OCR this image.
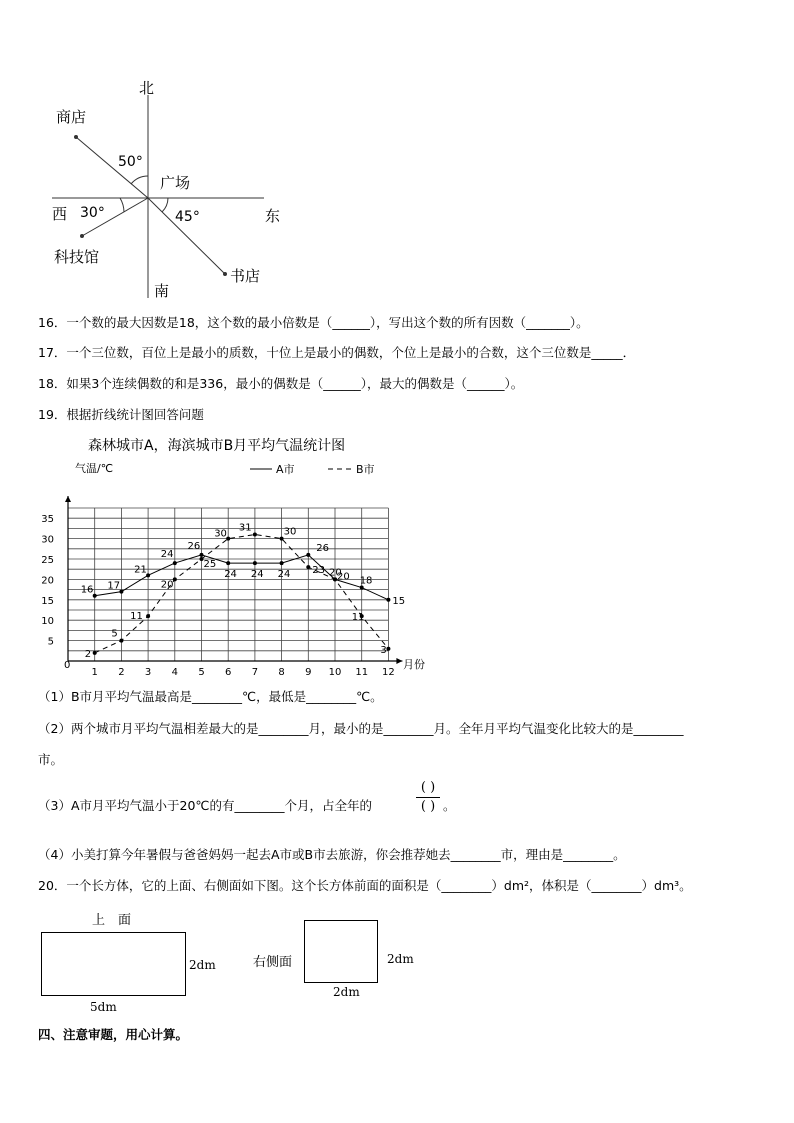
北
南
东
西
商店
广场
科技馆
书店
50°
30°	45°
16．一个数的最大因数是18，这个数的最小倍数是（______），写出这个数的所有因数（_______）。
17．一个三位数，百位上是最小的质数，十位上是最小的偶数，个位上是最小的合数，这个三位数是_____．
18．如果3个连续偶数的和是336，最小的偶数是（______），最大的偶数是（______）。
19．根据折线统计图回答问题
森林城市A，海滨城市B月平均气温统计图
气温/℃
月份
0
A市	B市
5
10
15
20
25
30
35
1 2 3 4 5 6 7 8 9 10 11 12
16 17
21
24
26
24 24 24
26
20
18
15
2
5
11
20
25
30
31	30
23
20
11
3
（1）B市月平均气温最高是________℃，最低是________℃。
（2）两个城市月平均气温相差最大的是________月，最小的是________月。全年月平均气温变化比较大的是________
市。
（3）A市月平均气温小于20℃的有________个月，占全年的
( )
( ) 。
（4）小美打算今年暑假与爸爸妈妈一起去A市或B市去旅游，你会推荐她去________市，理由是________。
20．一个长方体，它的上面、右侧面如下图。这个长方体前面的面积是（________）dm²，体积是（________）dm³。
上　面
2dm
5dm
右侧面	2dm
2dm
四、注意审题，用心计算。
